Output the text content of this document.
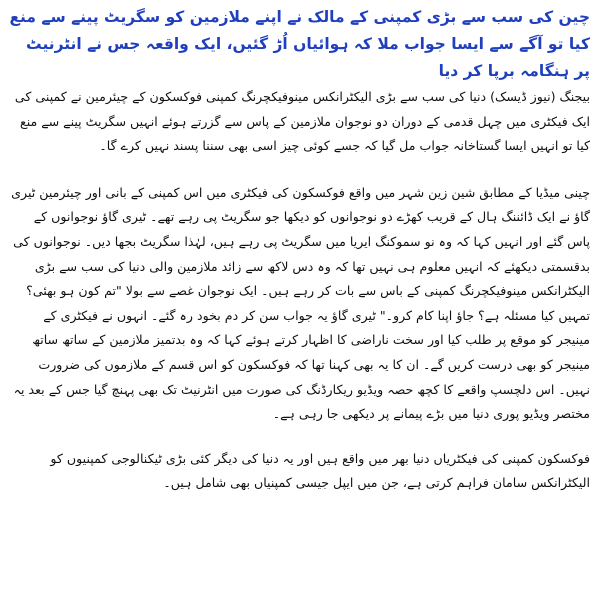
چین کی سب سے بڑی کمپنی کے مالک نے اپنے ملازمین کو سگریٹ پینے سے منع کیا تو آگے سے ایسا جواب ملا کہ ہوائیاں اُڑ گئیں، ایک واقعہ جس نے انٹرنیٹ پر ہنگامہ برپا کر دیا

بیجنگ (نیوز ڈیسک) دنیا کی سب سے بڑی الیکٹرانکس مینوفیکچرنگ کمپنی فوکسکون کے چیئرمین نے کمپنی کی ایک فیکٹری میں چہل قدمی کے دوران دو نوجوان ملازمین کے پاس سے گزرتے ہوئے انہیں سگریٹ پینے سے منع کیا تو انہیں ایسا گستاخانہ جواب مل گیا کہ جسے کوئی چیز اسی بھی سننا پسند نہیں کرے گا۔

چینی میڈیا کے مطابق شین زین شہر میں واقع فوکسکون کی فیکٹری میں اس کمپنی کے بانی اور چیئرمین ٹیری گاؤ نے ایک ڈائننگ ہال کے قریب کھڑے دو نوجوانوں کو دیکھا جو سگریٹ پی رہے تھے۔ ٹیری گاؤ نوجوانوں کے پاس گئے اور انہیں کہا کہ وہ نو سموکنگ ایریا میں سگریٹ پی رہے ہیں، لہٰذا سگریٹ بجھا دیں۔ نوجوانوں کی بدقسمتی دیکھئے کہ انہیں معلوم ہی نہیں تھا کہ وہ دس لاکھ سے زائد ملازمین والی دنیا کی سب سے بڑی الیکٹرانکس مینوفیکچرنگ کمپنی کے باس سے بات کر رہے ہیں۔ ایک نوجوان غصے سے بولا "تم کون ہو بھئی؟ تمہیں کیا مسئلہ ہے؟ جاؤ اپنا کام کرو۔" ٹیری گاؤ یہ جواب سن کر دم بخود رہ گئے۔ انہوں نے فیکٹری کے مینیجر کو موقع پر طلب کیا اور سخت ناراضی کا اظہار کرتے ہوئے کہا کہ وہ بدتمیز ملازمین کے ساتھ ساتھ مینیجر کو بھی درست کریں گے۔ ان کا یہ بھی کہنا تھا کہ فوکسکون کو اس قسم کے ملازموں کی ضرورت نہیں۔ اس دلچسپ واقعے کا کچھ حصہ ویڈیو ریکارڈنگ کی صورت میں انٹرنیٹ تک بھی پہنچ گیا جس کے بعد یہ مختصر ویڈیو پوری دنیا میں بڑے پیمانے پر دیکھی جا رہی ہے۔

فوکسکون کمپنی کی فیکٹریاں دنیا بھر میں واقع ہیں اور یہ دنیا کی دیگر کئی بڑی ٹیکنالوجی کمپنیوں کو الیکٹرانکس سامان فراہم کرتی ہے، جن میں ایپل جیسی کمپنیاں بھی شامل ہیں۔
